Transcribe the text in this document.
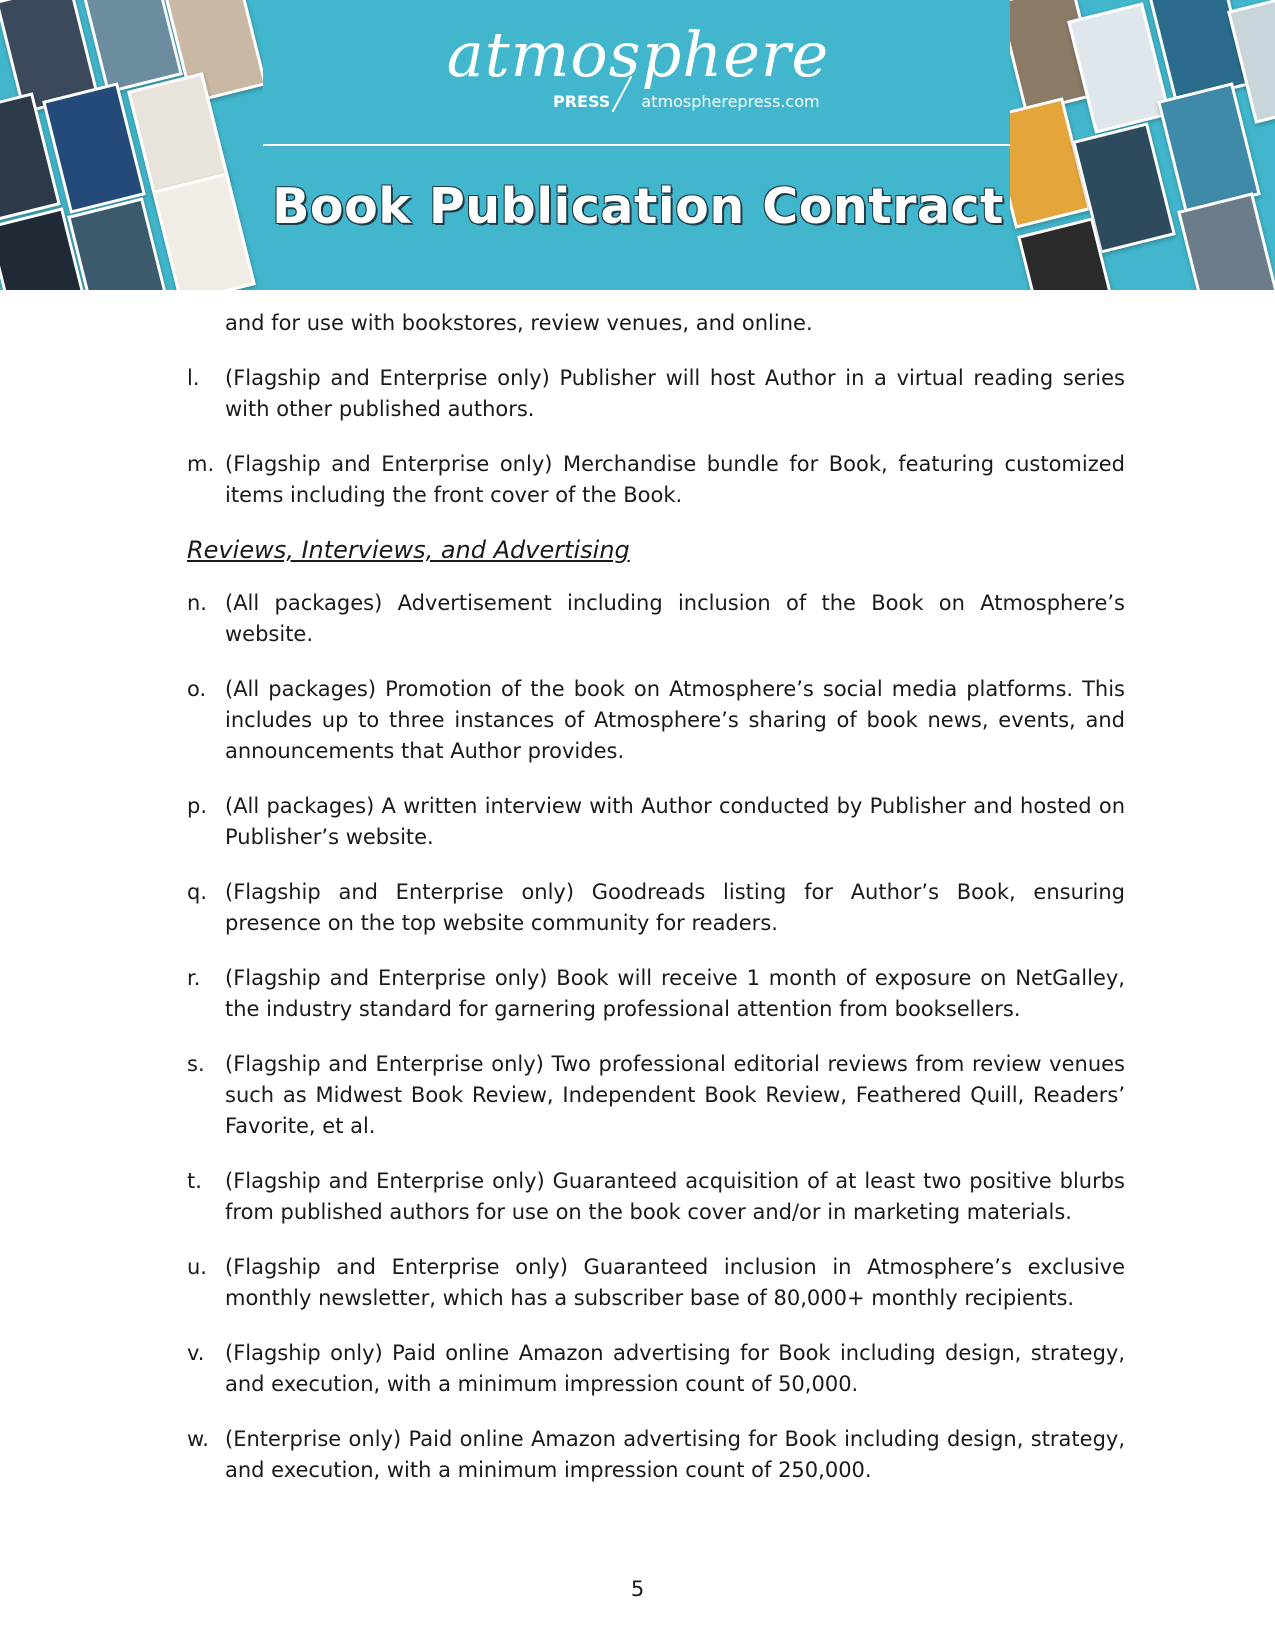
atmosphere
PRESS atmospherepress.com
Book Publication Contract
and for use with bookstores, review venues, and online.
l.	(Flagship and Enterprise only) Publisher will host Author in a virtual reading series with other published authors.
m. (Flagship and Enterprise only) Merchandise bundle for Book, featuring customized items including the front cover of the Book.
Reviews, Interviews, and Advertising
n. (All packages) Advertisement including inclusion of the Book on Atmosphere’s website.
o. (All packages) Promotion of the book on Atmosphere’s social media platforms. This includes up to three instances of Atmosphere’s sharing of book news, events, and announcements that Author provides.
p. (All packages) A written interview with Author conducted by Publisher and hosted on Publisher’s website.
q. (Flagship and Enterprise only) Goodreads listing for Author’s Book, ensuring presence on the top website community for readers.
r.	(Flagship and Enterprise only) Book will receive 1 month of exposure on NetGalley, the industry standard for garnering professional attention from booksellers.
s. (Flagship and Enterprise only) Two professional editorial reviews from review venues such as Midwest Book Review, Independent Book Review, Feathered Quill, Readers’ Favorite, et al.
t.	(Flagship and Enterprise only) Guaranteed acquisition of at least two positive blurbs from published authors for use on the book cover and/or in marketing materials.
u. (Flagship and Enterprise only) Guaranteed inclusion in Atmosphere’s exclusive monthly newsletter, which has a subscriber base of 80,000+ monthly recipients.
v. (Flagship only) Paid online Amazon advertising for Book including design, strategy, and execution, with a minimum impression count of 50,000.
w. (Enterprise only) Paid online Amazon advertising for Book including design, strategy, and execution, with a minimum impression count of 250,000.
5
